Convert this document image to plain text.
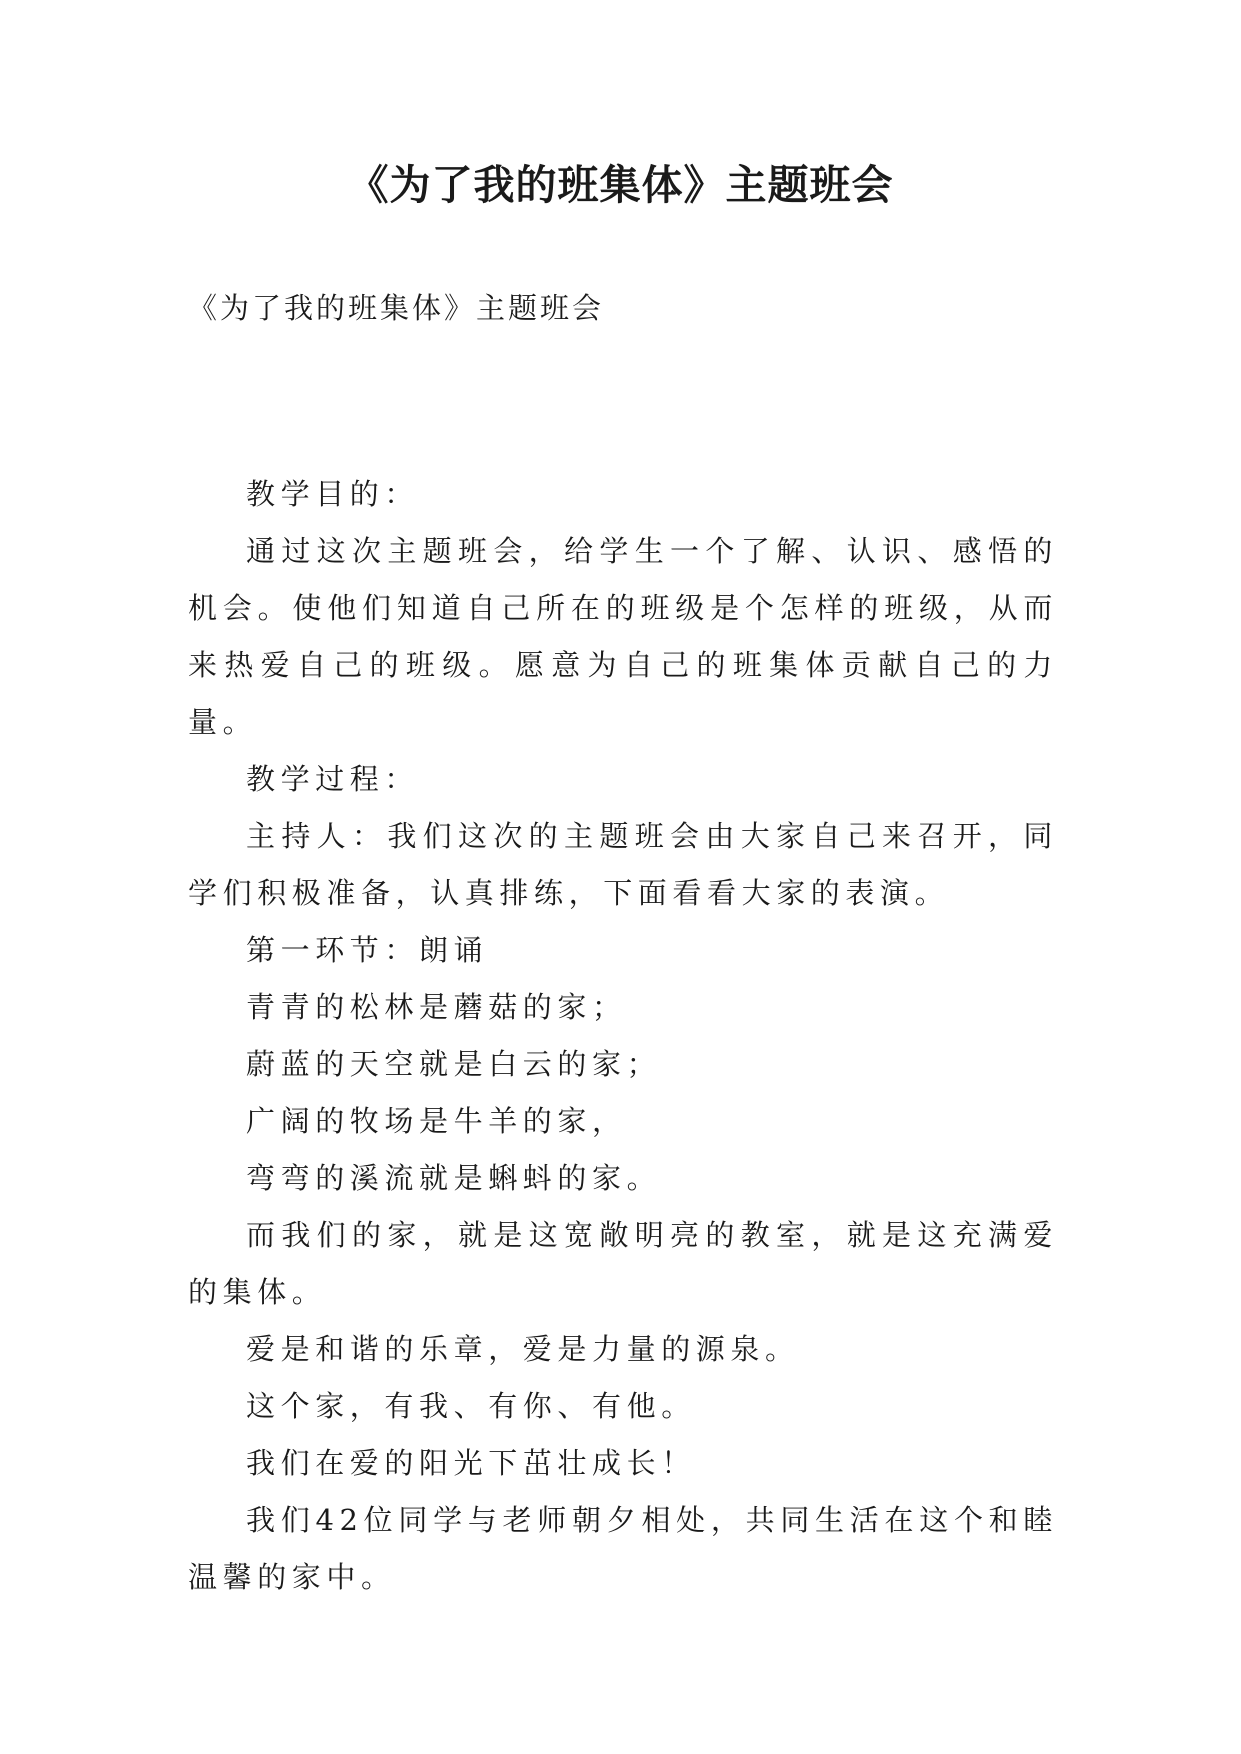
《为了我的班集体》主题班会
《为了我的班集体》主题班会

教学目的：

通过这次主题班会，给学生一个了解、认识、感悟的机会。使他们知道自己所在的班级是个怎样的班级，从而来热爱自己的班级。愿意为自己的班集体贡献自己的力量。

教学过程：

主持人：我们这次的主题班会由大家自己来召开，同学们积极准备，认真排练，下面看看大家的表演。

第一环节：朗诵

青青的松林是蘑菇的家；

蔚蓝的天空就是白云的家；

广阔的牧场是牛羊的家，

弯弯的溪流就是蝌蚪的家。

而我们的家，就是这宽敞明亮的教室，就是这充满爱的集体。

爱是和谐的乐章，爱是力量的源泉。

这个家，有我、有你、有他。

我们在爱的阳光下茁壮成长！

我们42位同学与老师朝夕相处，共同生活在这个和睦温馨的家中。
